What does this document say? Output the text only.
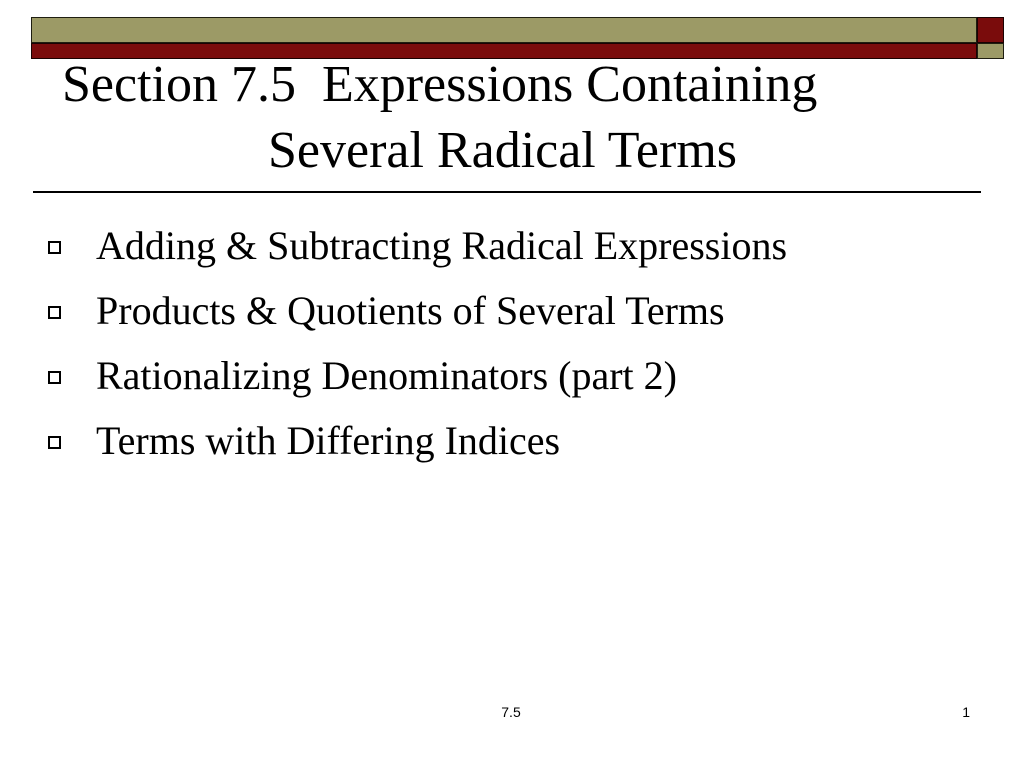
Section 7.5  Expressions Containing

Several Radical Terms
Adding & Subtracting Radical Expressions
Products & Quotients of Several Terms
Rationalizing Denominators (part 2)
Terms with Differing Indices
7.5	1
